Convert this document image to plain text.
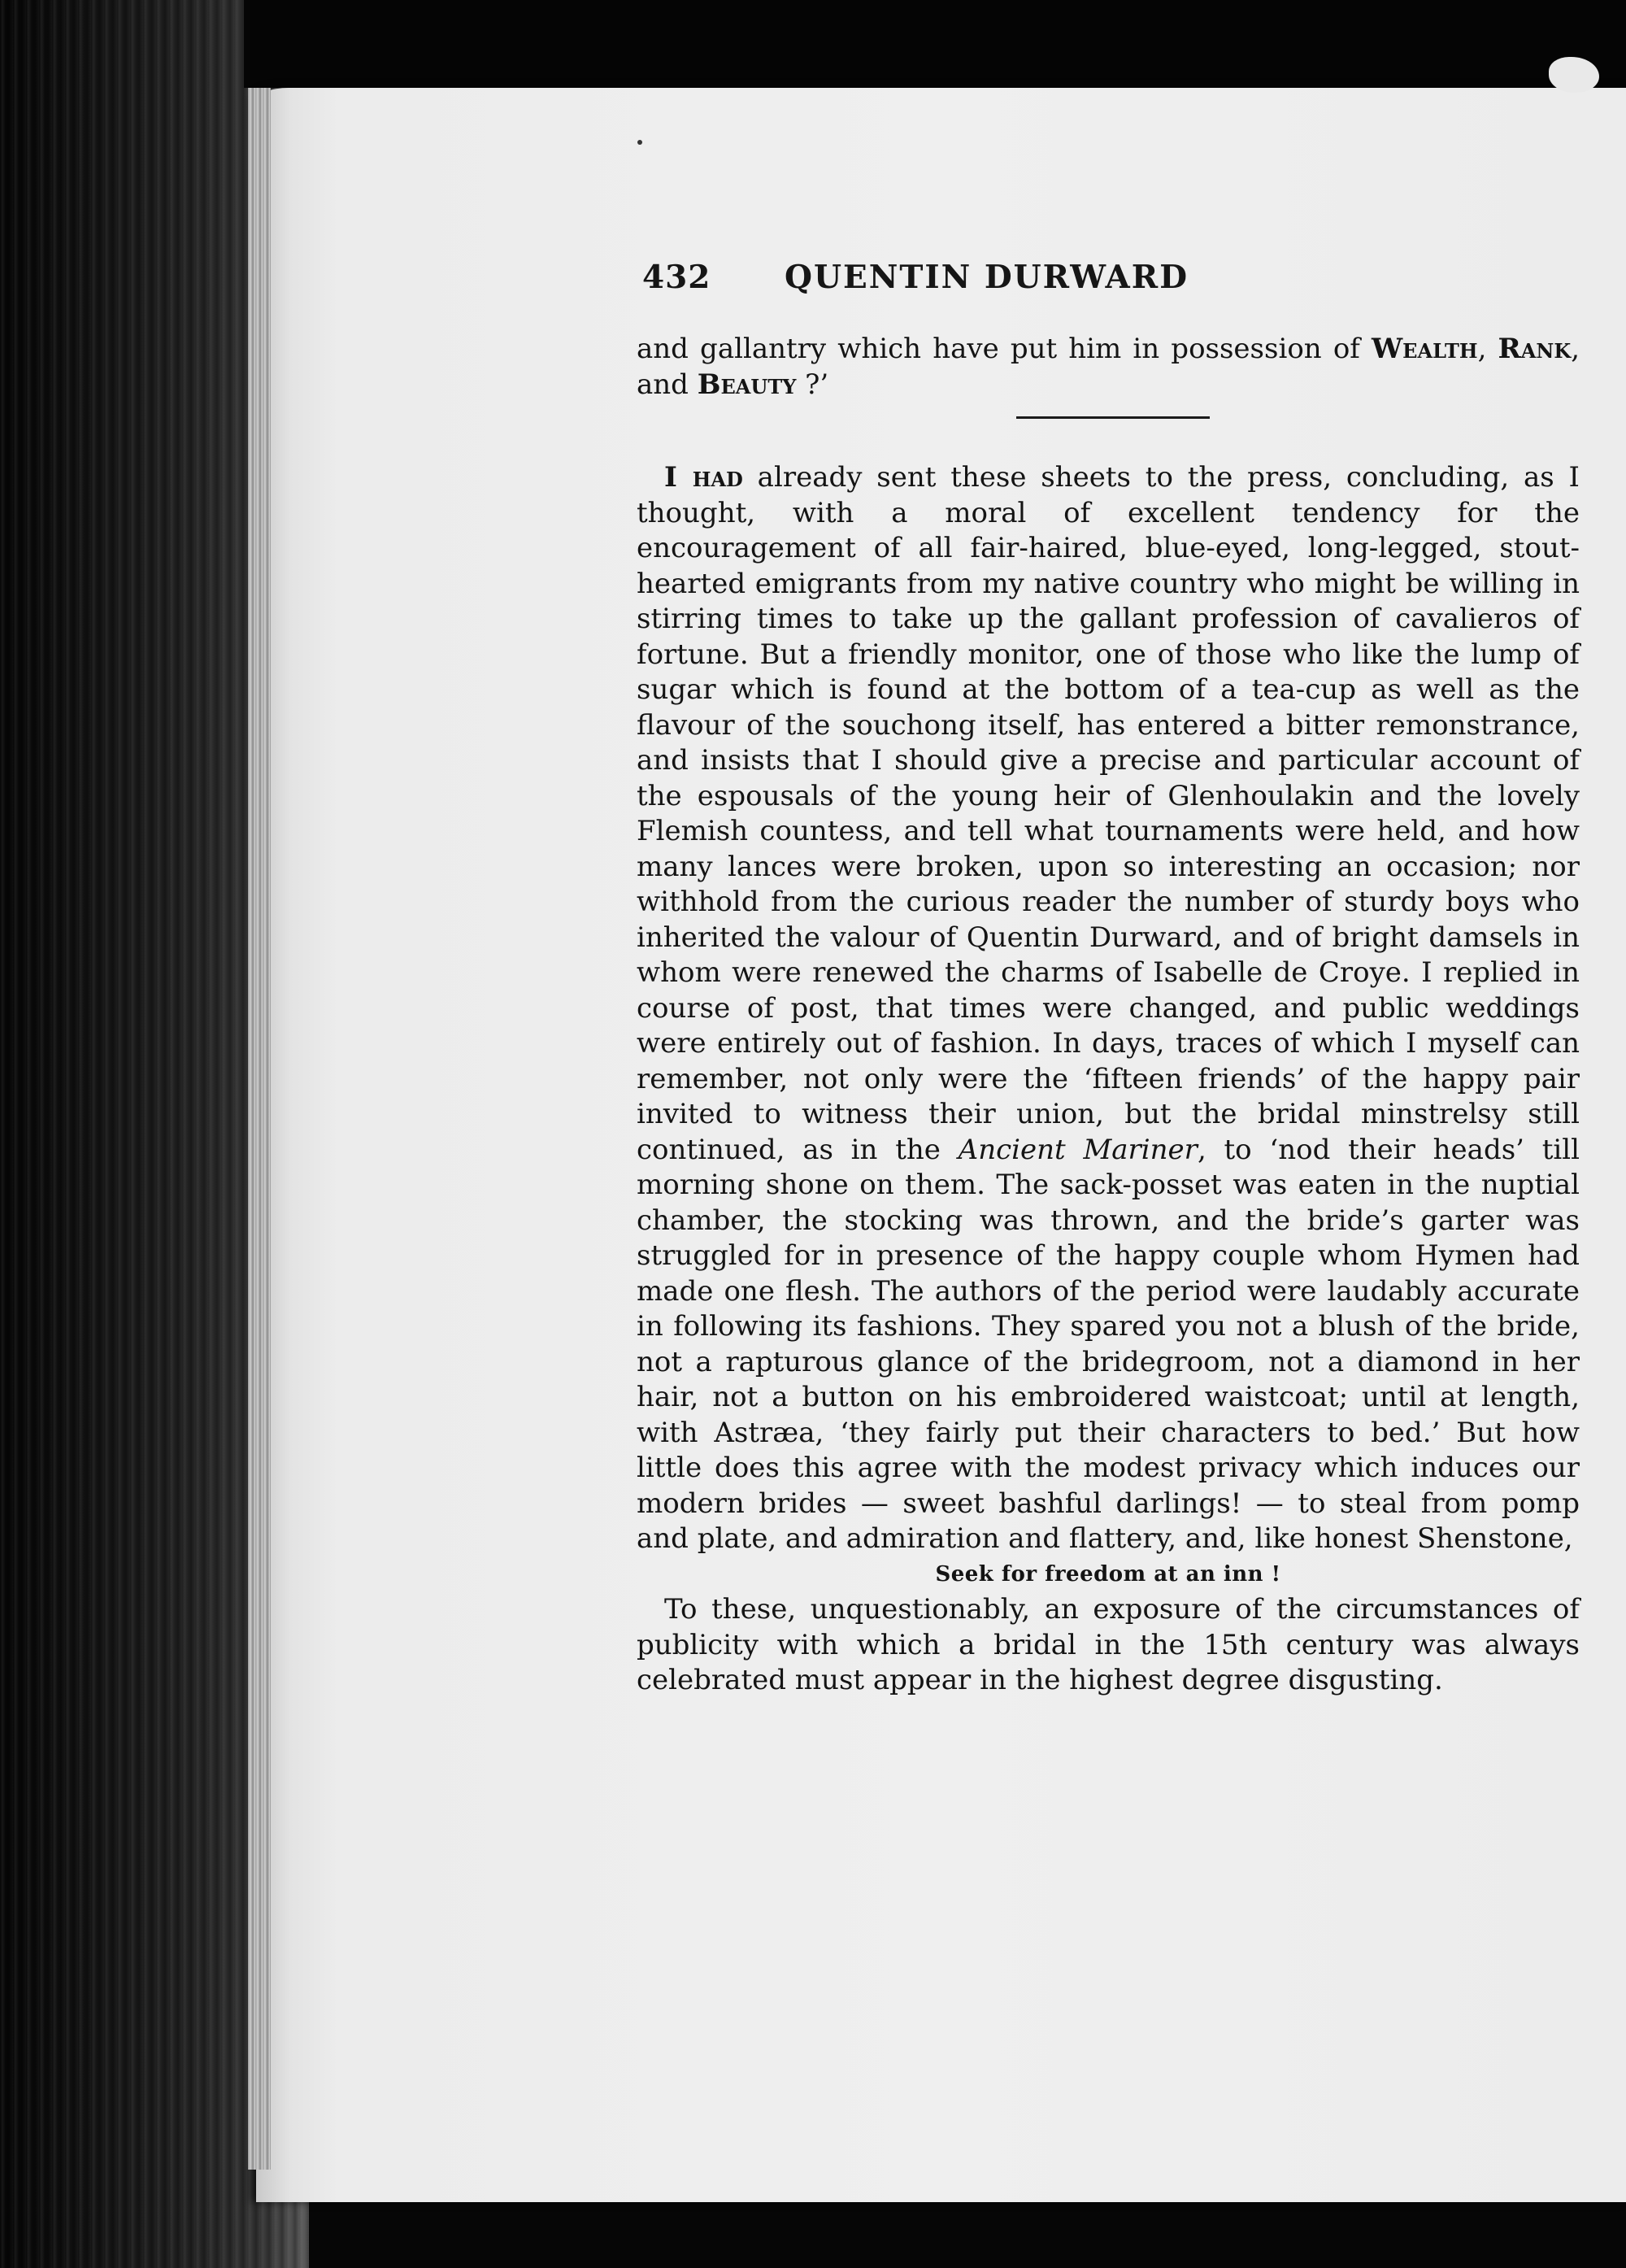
432 QUENTIN DURWARD

and gallantry which have put him in possession of Wealth, Rank, and Beauty ?’

I had already sent these sheets to the press, concluding, as I thought, with a moral of excellent tendency for the encouragement of all fair-haired, blue-eyed, long-legged, stout-hearted emigrants from my native country who might be willing in stirring times to take up the gallant profession of cavalieros of fortune. But a friendly monitor, one of those who like the lump of sugar which is found at the bottom of a tea-cup as well as the flavour of the souchong itself, has entered a bitter remonstrance, and insists that I should give a precise and particular account of the espousals of the young heir of Glenhoulakin and the lovely Flemish countess, and tell what tournaments were held, and how many lances were broken, upon so interesting an occasion; nor withhold from the curious reader the number of sturdy boys who inherited the valour of Quentin Durward, and of bright damsels in whom were renewed the charms of Isabelle de Croye. I replied in course of post, that times were changed, and public weddings were entirely out of fashion. In days, traces of which I myself can remember, not only were the ‘fifteen friends’ of the happy pair invited to witness their union, but the bridal minstrelsy still continued, as in the Ancient Mariner, to ‘nod their heads’ till morning shone on them. The sack-posset was eaten in the nuptial chamber, the stocking was thrown, and the bride’s garter was struggled for in presence of the happy couple whom Hymen had made one flesh. The authors of the period were laudably accurate in following its fashions. They spared you not a blush of the bride, not a rapturous glance of the bridegroom, not a diamond in her hair, not a button on his embroidered waistcoat; until at length, with Astræa, ‘they fairly put their characters to bed.’ But how little does this agree with the modest privacy which induces our modern brides — sweet bashful darlings! — to steal from pomp and plate, and admiration and flattery, and, like honest Shenstone,

Seek for freedom at an inn !

To these, unquestionably, an exposure of the circumstances of publicity with which a bridal in the 15th century was always celebrated must appear in the highest degree disgusting.
